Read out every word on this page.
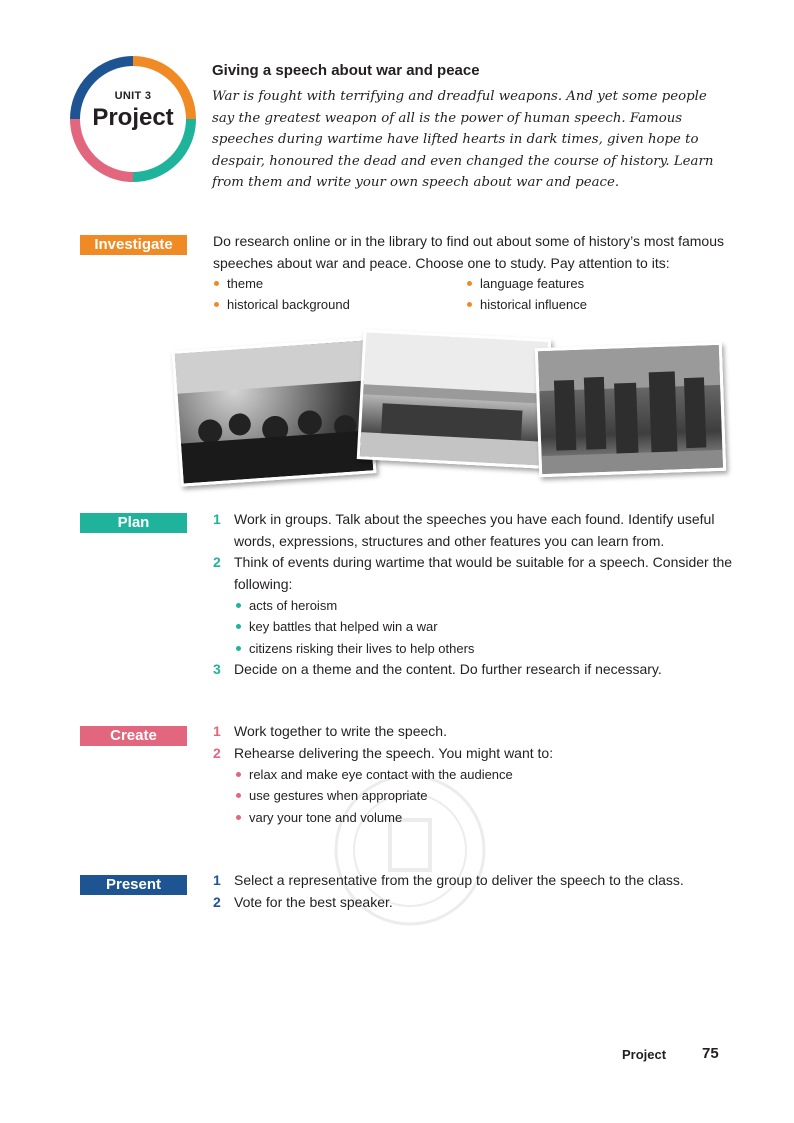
UNIT 3
Project
Giving a speech about war and peace
War is fought with terrifying and dreadful weapons. And yet some people say the greatest weapon of all is the power of human speech. Famous speeches during wartime have lifted hearts in dark times, given hope to despair, honoured the dead and even changed the course of history. Learn from them and write your own speech about war and peace.
Investigate	Do research online or in the library to find out about some of history’s most famous speeches about war and peace. Choose one to study. Pay attention to its:
theme
historical background
language features
historical influence
Plan	1 Work in groups. Talk about the speeches you have each found. Identify useful words, expressions, structures and other features you can learn from.
2 Think of events during wartime that would be suitable for a speech. Consider the following:
acts of heroism
key battles that helped win a war
citizens risking their lives to help others
3 Decide on a theme and the content. Do further research if necessary.
Create	1 Work together to write the speech.
2 Rehearse delivering the speech. You might want to:
relax and make eye contact with the audience
use gestures when appropriate
vary your tone and volume
Present	1 Select a representative from the group to deliver the speech to the class.
2 Vote for the best speaker.
Project 75
